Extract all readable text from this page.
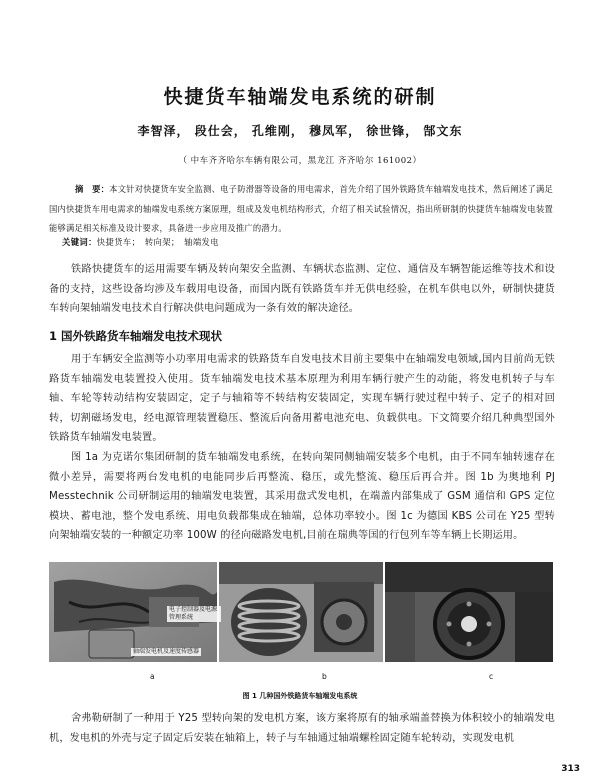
快捷货车轴端发电系统的研制
李智泽， 段仕会， 孔维刚， 穆凤军， 徐世锋， 郜文东
（ 中车齐齐哈尔车辆有限公司，黑龙江 齐齐哈尔 161002）

摘　要：本文针对快捷货车安全监测、电子防滑器等设备的用电需求，首先介绍了国外铁路货车轴端发电技术，然后阐述了满足国内快捷货车用电需求的轴端发电系统方案原理，组成及发电机结构形式，介绍了相关试验情况，指出所研制的快捷货车轴端发电装置能够满足相关标准及设计要求，具备进一步应用及推广的潜力。

关键词：快捷货车；　转向架；　轴端发电

铁路快捷货车的运用需要车辆及转向架安全监测、车辆状态监测、定位、通信及车辆智能运维等技术和设备的支持，这些设备均涉及车载用电设备，而国内既有铁路货车并无供电经验，在机车供电以外，研制快捷货车转向架轴端发电技术自行解决供电问题成为一条有效的解决途径。

1 国外铁路货车轴端发电技术现状

用于车辆安全监测等小功率用电需求的铁路货车自发电技术目前主要集中在轴端发电领域,国内目前尚无铁路货车轴端发电装置投入使用。货车轴端发电技术基本原理为利用车辆行驶产生的动能，将发电机转子与车轴、车轮等转动结构安装固定，定子与轴箱等不转结构安装固定，实现车辆行驶过程中转子、定子的相对回转，切割磁场发电，经电源管理装置稳压、整流后向备用蓄电池充电、负载供电。下文简要介绍几种典型国外铁路货车轴端发电装置。

图 1a 为克诺尔集团研制的货车轴端发电系统，在转向架同侧轴端安装多个电机，由于不同车轴转速存在微小差异，需要将两台发电机的电能同步后再整流、稳压，或先整流、稳压后再合并。图 1b 为奥地利 PJ Messtechnik 公司研制运用的轴端发电装置，其采用盘式发电机，在端盖内部集成了 GSM 通信和 GPS 定位模块、蓄电池，整个发电系统、用电负载都集成在轴端，总体功率较小。图 1c 为德国 KBS 公司在 Y25 型转向架轴端安装的一种额定功率 100W 的径向磁路发电机,目前在瑞典等国的行包列车等车辆上长期运用。

电子控制器及电源管理系统
轴端发电机及速度传感器
a	b	c
图 1 几种国外铁路货车轴端发电系统

舍弗勒研制了一种用于 Y25 型转向架的发电机方案，该方案将原有的轴承端盖替换为体积较小的轴端发电机，发电机的外壳与定子固定后安装在轴箱上，转子与车轴通过轴端螺栓固定随车轮转动，实现发电机

313
